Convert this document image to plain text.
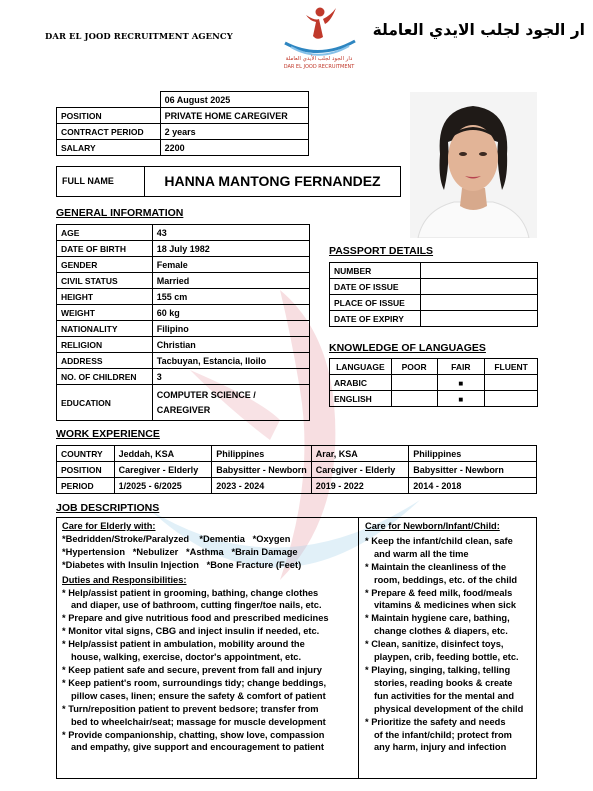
DAR EL JOOD RECRUITMENT AGENCY	ار الجود لجلب الايدي العاملة
دار الجود لجلب الأيدي العاملة
DAR EL JOOD RECRUITMENT
	06 August 2025
POSITION	PRIVATE HOME CAREGIVER
CONTRACT PERIOD	2 years
SALARY	2200
FULL NAME	HANNA MANTONG FERNANDEZ
GENERAL INFORMATION
AGE	43
DATE OF BIRTH	18 July 1982
GENDER	Female
CIVIL STATUS	Married
HEIGHT	155 cm
WEIGHT	60 kg
NATIONALITY	Filipino
RELIGION	Christian
ADDRESS	Tacbuyan, Estancia, Iloilo
NO. OF CHILDREN	3
EDUCATION	COMPUTER SCIENCE /
CAREGIVER
PASSPORT DETAILS
NUMBER	
DATE OF ISSUE	
PLACE OF ISSUE	
DATE OF EXPIRY	
KNOWLEDGE OF LANGUAGES
LANGUAGE	POOR	FAIR	FLUENT
ARABIC		■	
ENGLISH		■	
WORK EXPERIENCE
COUNTRY	Jeddah, KSA	Philippines	Arar, KSA	Philippines
POSITION	Caregiver - Elderly	Babysitter - Newborn	Caregiver - Elderly	Babysitter - Newborn
PERIOD	1/2025 - 6/2025	2023 - 2024	2019 - 2022	2014 - 2018
JOB DESCRIPTIONS
Care for Elderly with:
*Bedridden/Stroke/Paralyzed    *Dementia   *Oxygen
*Hypertension   *Nebulizer   *Asthma   *Brain Damage
*Diabetes with Insulin Injection   *Bone Fracture (Feet)
Duties and Responsibilities:
* Help/assist patient in grooming, bathing, change clothes
and diaper, use of bathroom, cutting finger/toe nails, etc.
* Prepare and give nutritious food and prescribed medicines
* Monitor vital signs, CBG and inject insulin if needed, etc.
* Help/assist patient in ambulation, mobility around the
house, walking, exercise, doctor's appointment, etc.
* Keep patient safe and secure, prevent from fall and injury
* Keep patient's room, surroundings tidy; change beddings,
pillow cases, linen; ensure the safety & comfort of patient
* Turn/reposition patient to prevent bedsore; transfer from
bed to wheelchair/seat; massage for muscle development
* Provide companionship, chatting, show love, compassion
and empathy, give support and encouragement to patient
Care for Newborn/Infant/Child:
* Keep the infant/child clean, safe
and warm all the time
* Maintain the cleanliness of the
room, beddings, etc. of the child
* Prepare & feed milk, food/meals
vitamins & medicines when sick
* Maintain hygiene care, bathing,
change clothes & diapers, etc.
* Clean, sanitize, disinfect toys,
playpen, crib, feeding bottle, etc.
* Playing, singing, talking, telling
stories, reading books & create
fun activities for the mental and
physical development of the child
* Prioritize the safety and needs
of the infant/child; protect from
any harm, injury and infection
